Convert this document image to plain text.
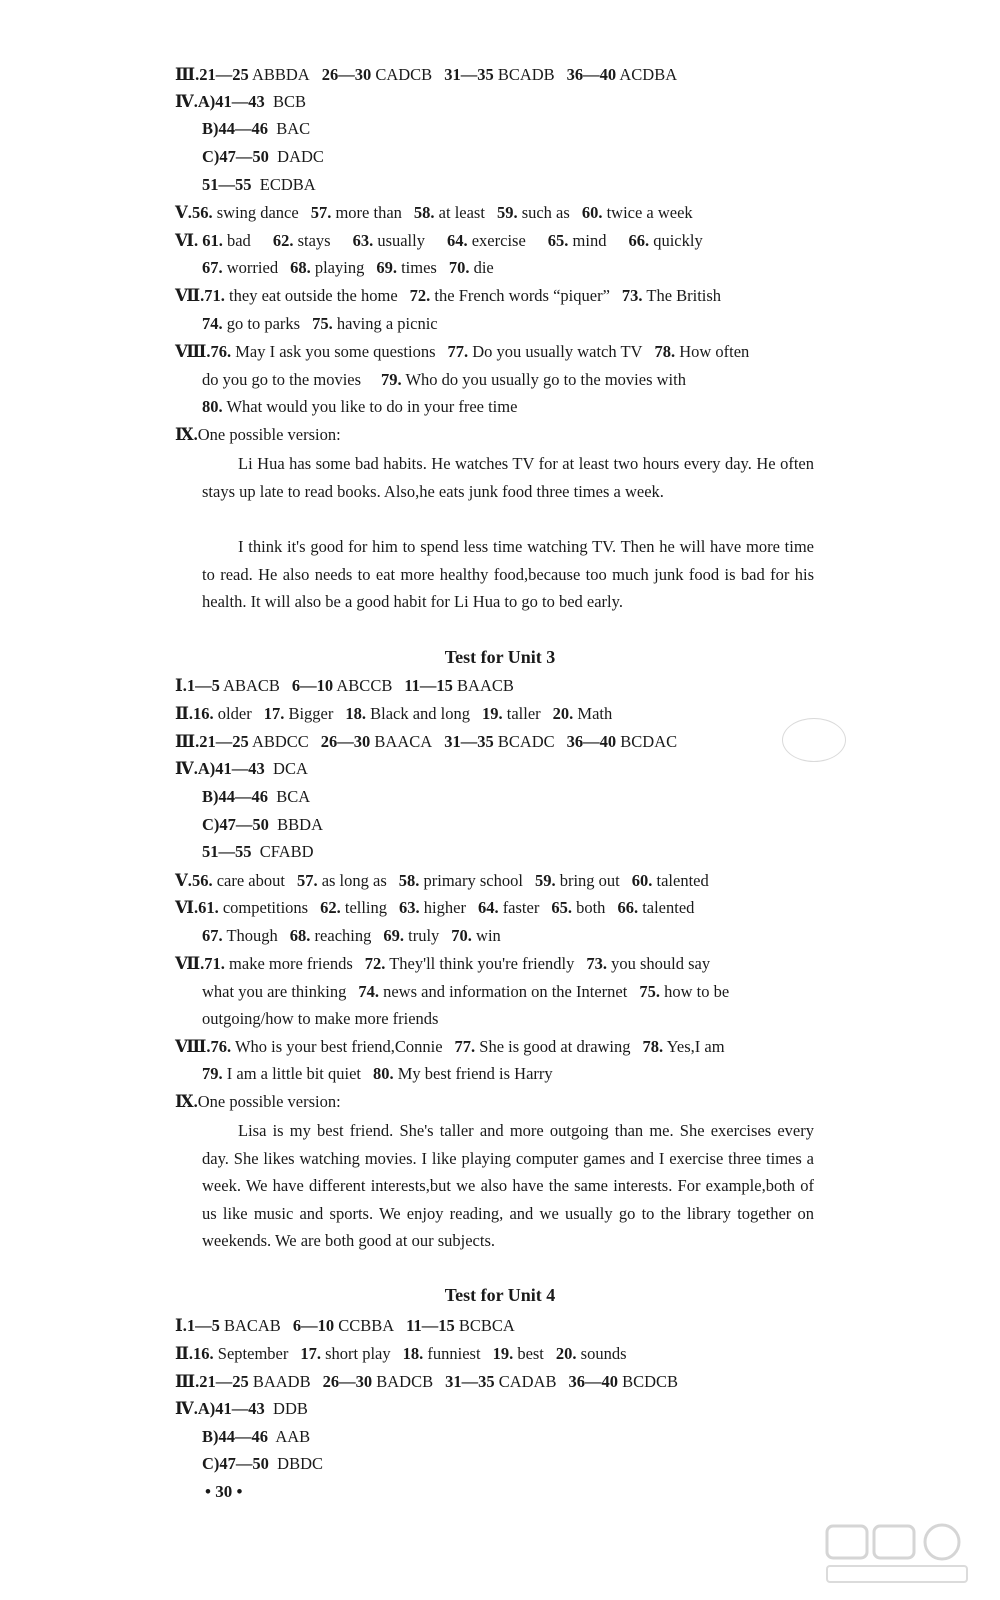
Ⅲ.21—25 ABBDA 26—30 CADCB 31—35 BCADB 36—40 ACDBA
Ⅳ.A)41—43 BCB
B)44—46 BAC
C)47—50 DADC
51—55 ECDBA
Ⅴ.56. swing dance 57. more than 58. at least 59. such as 60. twice a week
Ⅵ. 61. bad 62. stays 63. usually 64. exercise 65. mind 66. quickly
67. worried 68. playing 69. times 70. die
Ⅶ.71. they eat outside the home 72. the French words “piquer” 73. The British
74. go to parks 75. having a picnic
Ⅷ.76. May I ask you some questions 77. Do you usually watch TV 78. How often
do you go to the movies 79. Who do you usually go to the movies with
80. What would you like to do in your free time
Ⅸ.One possible version:
Li Hua has some bad habits. He watches TV for at least two hours every day. He often stays up late to read books. Also,he eats junk food three times a week.
I think it's good for him to spend less time watching TV. Then he will have more time to read. He also needs to eat more healthy food,because too much junk food is bad for his health. It will also be a good habit for Li Hua to go to bed early.
Test for Unit 3
Ⅰ.1—5 ABACB 6—10 ABCCB 11—15 BAACB
Ⅱ.16. older 17. Bigger 18. Black and long 19. taller 20. Math
Ⅲ.21—25 ABDCC 26—30 BAACA 31—35 BCADC 36—40 BCDAC
Ⅳ.A)41—43 DCA
B)44—46 BCA
C)47—50 BBDA
51—55 CFABD
Ⅴ.56. care about 57. as long as 58. primary school 59. bring out 60. talented
Ⅵ.61. competitions 62. telling 63. higher 64. faster 65. both 66. talented
67. Though 68. reaching 69. truly 70. win
Ⅶ.71. make more friends 72. They'll think you're friendly 73. you should say
what you are thinking 74. news and information on the Internet 75. how to be
outgoing/how to make more friends
Ⅷ.76. Who is your best friend,Connie 77. She is good at drawing 78. Yes,I am
79. I am a little bit quiet 80. My best friend is Harry
Ⅸ.One possible version:
Lisa is my best friend. She's taller and more outgoing than me. She exercises every day. She likes watching movies. I like playing computer games and I exercise three times a week. We have different interests,but we also have the same interests. For example,both of us like music and sports. We enjoy reading, and we usually go to the library together on weekends. We are both good at our subjects.
Test for Unit 4
Ⅰ.1—5 BACAB 6—10 CCBBA 11—15 BCBCA
Ⅱ.16. September 17. short play 18. funniest 19. best 20. sounds
Ⅲ.21—25 BAADB 26—30 BADCB 31—35 CADAB 36—40 BCDCB
Ⅳ.A)41—43 DDB
B)44—46 AAB
C)47—50 DBDC
• 30 •
